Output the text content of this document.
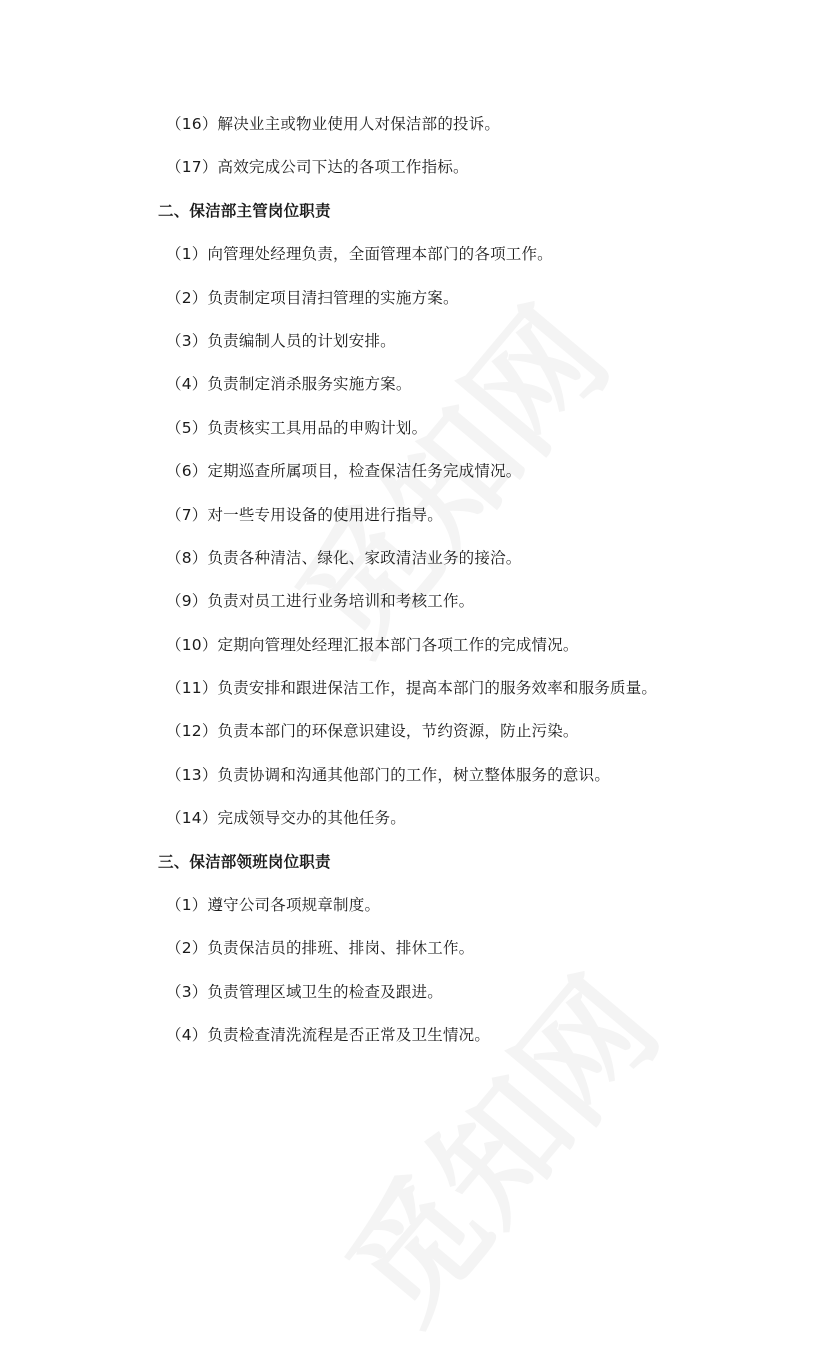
（16）解决业主或物业使用人对保洁部的投诉。
（17）高效完成公司下达的各项工作指标。
二、保洁部主管岗位职责
（1）向管理处经理负责，全面管理本部门的各项工作。
（2）负责制定项目清扫管理的实施方案。
（3）负责编制人员的计划安排。
（4）负责制定消杀服务实施方案。
（5）负责核实工具用品的申购计划。
（6）定期巡查所属项目，检查保洁任务完成情况。
（7）对一些专用设备的使用进行指导。
（8）负责各种清洁、绿化、家政清洁业务的接洽。
（9）负责对员工进行业务培训和考核工作。
（10）定期向管理处经理汇报本部门各项工作的完成情况。
（11）负责安排和跟进保洁工作，提高本部门的服务效率和服务质量。
（12）负责本部门的环保意识建设，节约资源，防止污染。
（13）负责协调和沟通其他部门的工作，树立整体服务的意识。
（14）完成领导交办的其他任务。
三、保洁部领班岗位职责
（1）遵守公司各项规章制度。
（2）负责保洁员的排班、排岗、排休工作。
（3）负责管理区域卫生的检查及跟进。
（4）负责检查清洗流程是否正常及卫生情况。
